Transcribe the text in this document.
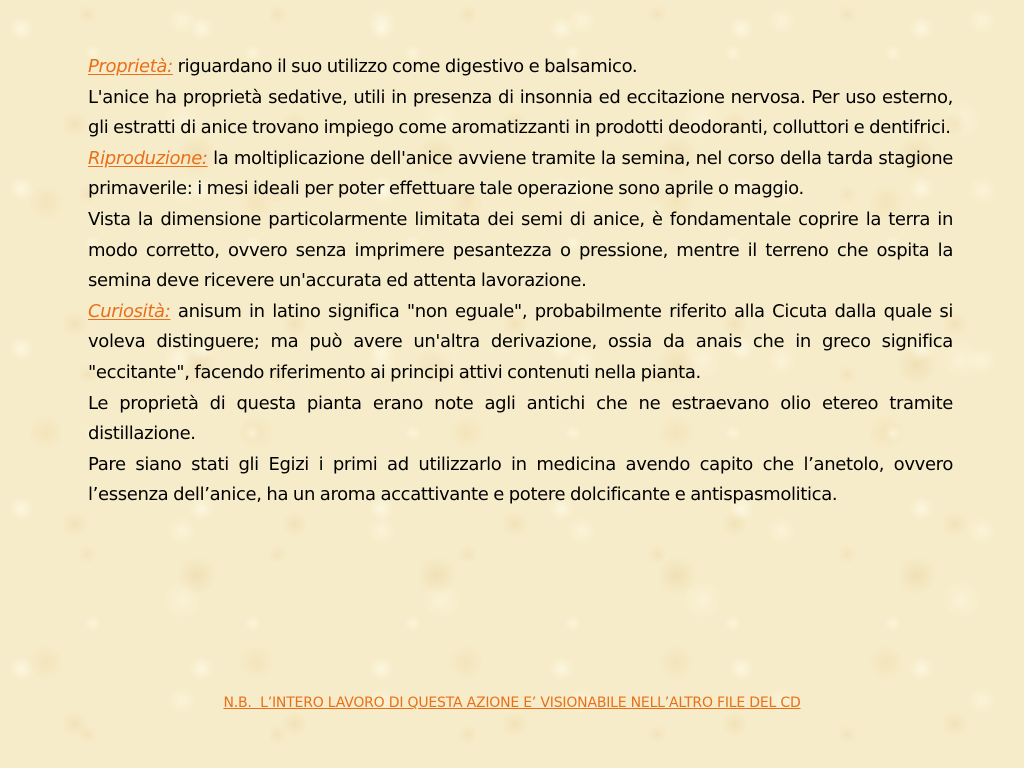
Proprietà: riguardano il suo utilizzo come digestivo e balsamico.

L'anice ha proprietà sedative, utili in presenza di insonnia ed eccitazione nervosa. Per uso esterno, gli estratti di anice trovano impiego come aromatizzanti in prodotti deodoranti, colluttori e dentifrici.

Riproduzione: la moltiplicazione dell'anice avviene tramite la semina, nel corso della tarda stagione primaverile: i mesi ideali per poter effettuare tale operazione sono aprile o maggio.

Vista la dimensione particolarmente limitata dei semi di anice, è fondamentale coprire la terra in modo corretto, ovvero senza imprimere pesantezza o pressione, mentre il terreno che ospita la semina deve ricevere un'accurata ed attenta lavorazione.

Curiosità: anisum in latino significa "non eguale", probabilmente riferito alla Cicuta dalla quale si voleva distinguere; ma può avere un'altra derivazione, ossia da anais che in greco significa "eccitante", facendo riferimento ai principi attivi contenuti nella pianta.

Le proprietà di questa pianta erano note agli antichi che ne estraevano olio etereo tramite distillazione.

Pare siano stati gli Egizi i primi ad utilizzarlo in medicina avendo capito che l’anetolo, ovvero l’essenza dell’anice, ha un aroma accattivante e potere dolcificante e antispasmolitica.

N.B. L’INTERO LAVORO DI QUESTA AZIONE E’ VISIONABILE NELL’ALTRO FILE DEL CD
